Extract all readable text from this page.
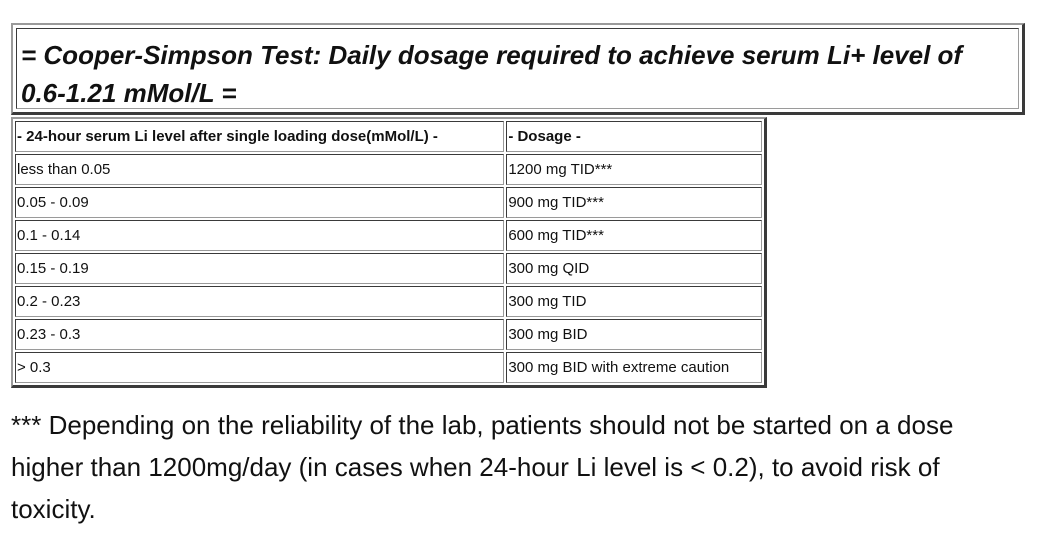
= Cooper-Simpson Test: Daily dosage required to achieve serum Li+ level of 0.6-1.21 mMol/L =

- 24-hour serum Li level after single loading dose(mMol/L) -	- Dosage -
less than 0.05	1200 mg TID***
0.05 - 0.09	900 mg TID***
0.1 - 0.14	600 mg TID***
0.15 - 0.19	300 mg QID
0.2 - 0.23	300 mg TID
0.23 - 0.3	300 mg BID
> 0.3	300 mg BID with extreme caution

*** Depending on the reliability of the lab, patients should not be started on a dose higher than 1200mg/day (in cases when 24-hour Li level is < 0.2), to avoid risk of toxicity.
